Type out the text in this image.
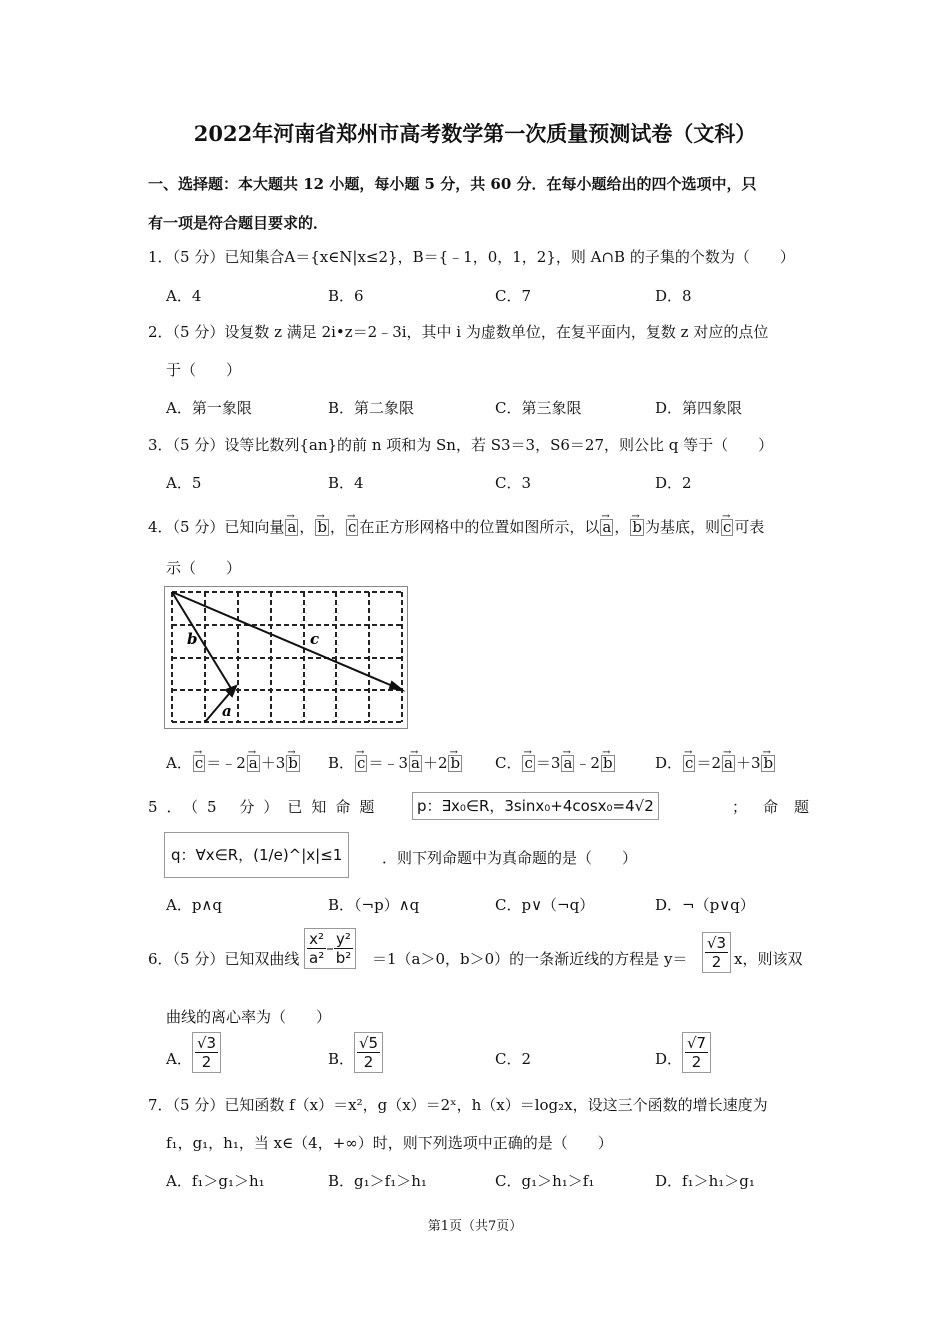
2022年河南省郑州市高考数学第一次质量预测试卷（文科）
一、选择题：本大题共 12 小题，每小题 5 分，共 60 分．在每小题给出的四个选项中，只
有一项是符合题目要求的．
1．（5 分）已知集合A＝{x∈N|x≤2}，B＝{﹣1，0，1，2}，则 A∩B 的子集的个数为（　　）
A．4	B．6	C．7	D．8
2．（5 分）设复数 z 满足 2i•z＝2﹣3i，其中 i 为虚数单位，在复平面内，复数 z 对应的点位
于（　　）
A．第一象限	B．第二象限	C．第三象限	D．第四象限
3．（5 分）设等比数列{an}的前 n 项和为 Sn，若 S3＝3，S6＝27，则公比 q 等于（　　）
A．5	B．4	C．3	D．2
4．（5 分）已知向量 → a ， → b ， → c 在正方形网格中的位置如图所示，以 → a ， → b 为基底，则 → c 可表
示（　　）
c
b
a
A． → c ＝﹣2 → a ＋3 → b B． → c ＝﹣3 → a ＋2 → b C． → c ＝3 → a ﹣2 → b	D． → c ＝2 → a ＋3 → b
5．（5 分）已知命题	p：∃x₀∈R，3sinx₀+4cosx₀=4√2	；命题
q：∀x∈R，(1/e)^|x|≤1	．则下列命题中为真命题的是（　　）
A．p∧q	B．（¬p）∧q	C．p∨（¬q）	D．¬（p∨q）
6．（5 分）已知双曲线 $\frac{\text{x²}}{\text{a²}} - \frac{\text{y²}}{\text{b²}} =1(a>0$，b＞0）的一条渐近线的方程是 $y= \frac{√3}{2}$ x，则该双
曲线的离心率为（　　）
A． $\frac{√3}{2}$	B． $\frac{√5}{2}$	C．2	D． $\frac{√7}{2}$
7．（5 分）已知函数 f（x）＝x²，g（x）＝2ˣ，h（x）＝log₂x，设这三个函数的增长速度为
f₁，g₁，h₁，当 x∈（4，+∞）时，则下列选项中正确的是（　　）
A．f₁＞g₁＞h₁	B．g₁＞f₁＞h₁	C．g₁＞h₁＞f₁	D．f₁＞h₁＞g₁
第1页（共7页）
